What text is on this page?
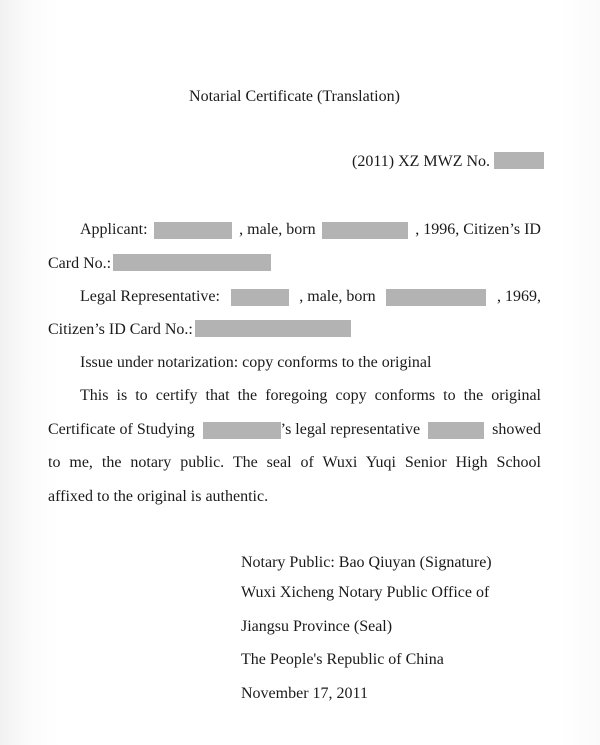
Notarial Certificate (Translation)
(2011) XZ MWZ No.
Applicant:	, male, born	, 1996, Citizen’s ID
Card No.:
Legal Representative:	, male, born	, 1969,
Citizen’s ID Card No.:
Issue under notarization: copy conforms to the original
This is to certify that the foregoing copy conforms to the original
Certificate of Studying	’s legal representative	showed
to me, the notary public. The seal of Wuxi Yuqi Senior High School
affixed to the original is authentic.
Notary Public: Bao Qiuyan (Signature)
Wuxi Xicheng Notary Public Office of
Jiangsu Province (Seal)
The People's Republic of China
November 17, 2011
